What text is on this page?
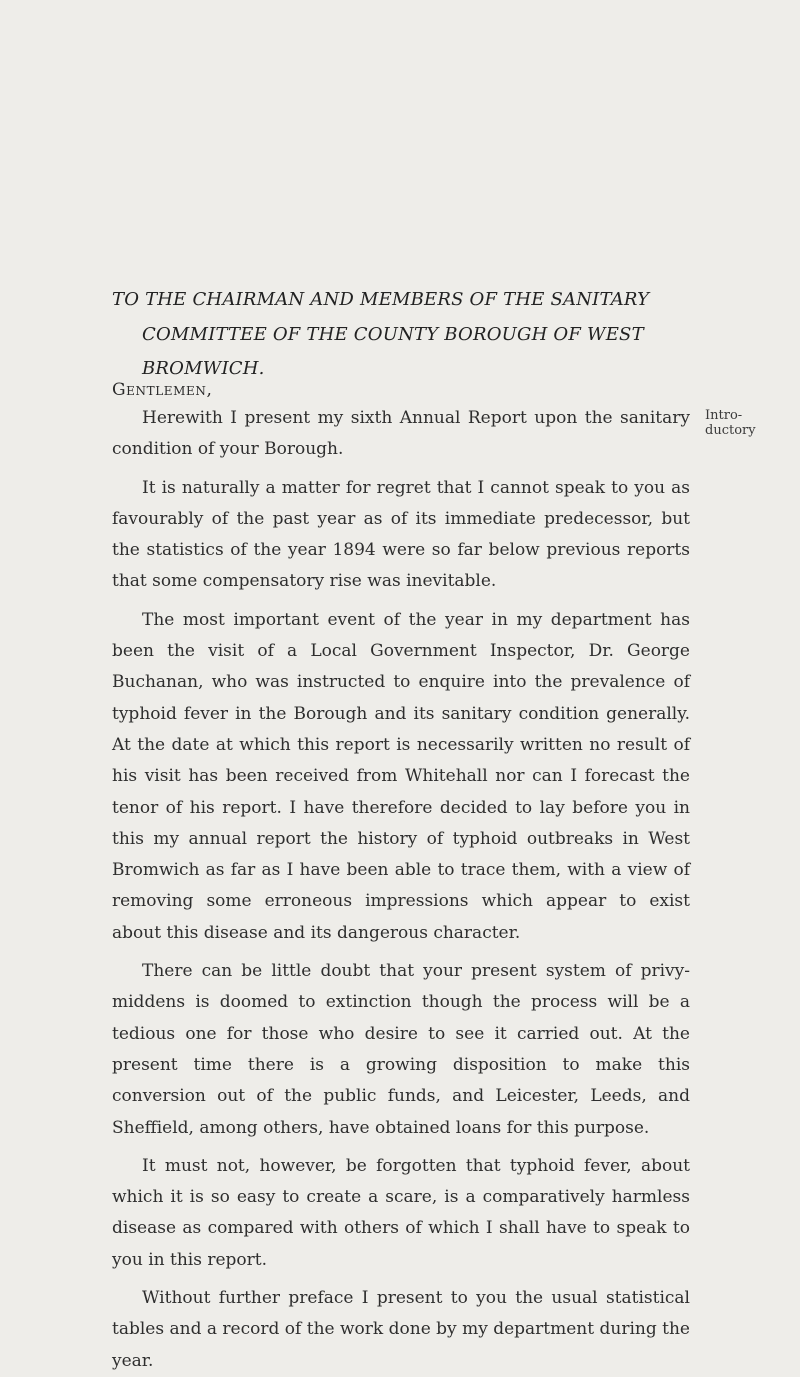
TO THE CHAIRMAN AND MEMBERS OF THE SANITARY
COMMITTEE OF THE COUNTY BOROUGH OF WEST
BROMWICH.
Gentlemen,
Intro-
ductory

Herewith I present my sixth Annual Report upon the sanitary condition of your Borough.

It is naturally a matter for regret that I cannot speak to you as favourably of the past year as of its immediate predecessor, but the statistics of the year 1894 were so far below previous reports that some compensatory rise was inevitable.

The most important event of the year in my department has been the visit of a Local Government Inspector, Dr. George Buchanan, who was instructed to enquire into the prevalence of typhoid fever in the Borough and its sanitary condition generally. At the date at which this report is necessarily written no result of his visit has been received from Whitehall nor can I forecast the tenor of his report. I have therefore decided to lay before you in this my annual report the history of typhoid outbreaks in West Bromwich as far as I have been able to trace them, with a view of removing some erroneous impressions which appear to exist about this disease and its dangerous character.

There can be little doubt that your present system of privy-middens is doomed to extinction though the process will be a tedious one for those who desire to see it carried out. At the present time there is a growing disposition to make this conversion out of the public funds, and Leicester, Leeds, and Sheffield, among others, have obtained loans for this purpose.

It must not, however, be forgotten that typhoid fever, about which it is so easy to create a scare, is a comparatively harmless disease as compared with others of which I shall have to speak to you in this report.

Without further preface I present to you the usual statistical tables and a record of the work done by my department during the year.
